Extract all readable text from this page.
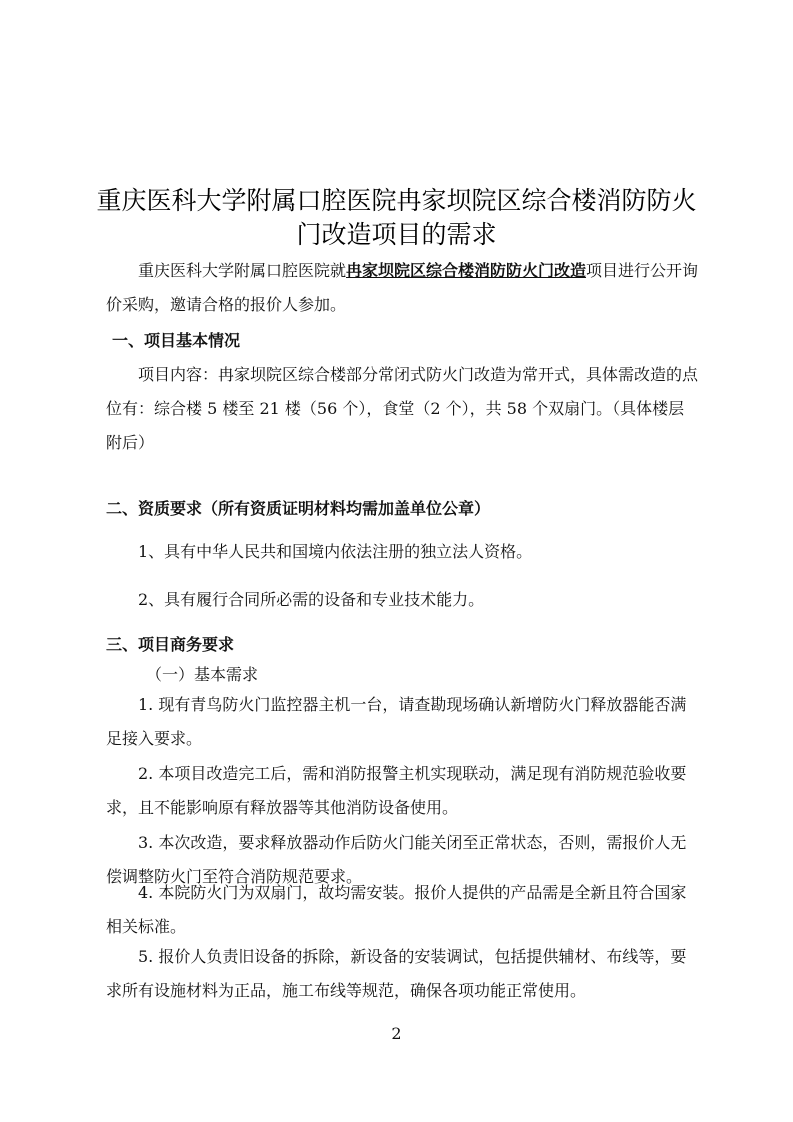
重庆医科大学附属口腔医院冉家坝院区综合楼消防防火
门改造项目的需求

重庆医科大学附属口腔医院就冉家坝院区综合楼消防防火门改造项目进行公开询价采购，邀请合格的报价人参加。

一、项目基本情况

项目内容：冉家坝院区综合楼部分常闭式防火门改造为常开式，具体需改造的点位有：综合楼 5 楼至 21 楼（56 个），食堂（2 个），共 58 个双扇门。（具体楼层附后）

二、资质要求（所有资质证明材料均需加盖单位公章）

1、具有中华人民共和国境内依法注册的独立法人资格。

2、具有履行合同所必需的设备和专业技术能力。

三、项目商务要求

（一）基本需求

1. 现有青鸟防火门监控器主机一台，请查勘现场确认新增防火门释放器能否满足接入要求。

2. 本项目改造完工后，需和消防报警主机实现联动，满足现有消防规范验收要求，且不能影响原有释放器等其他消防设备使用。

3. 本次改造，要求释放器动作后防火门能关闭至正常状态，否则，需报价人无偿调整防火门至符合消防规范要求。

4. 本院防火门为双扇门，故均需安装。报价人提供的产品需是全新且符合国家相关标准。

5. 报价人负责旧设备的拆除，新设备的安装调试，包括提供辅材、布线等，要求所有设施材料为正品，施工布线等规范，确保各项功能正常使用。

2
